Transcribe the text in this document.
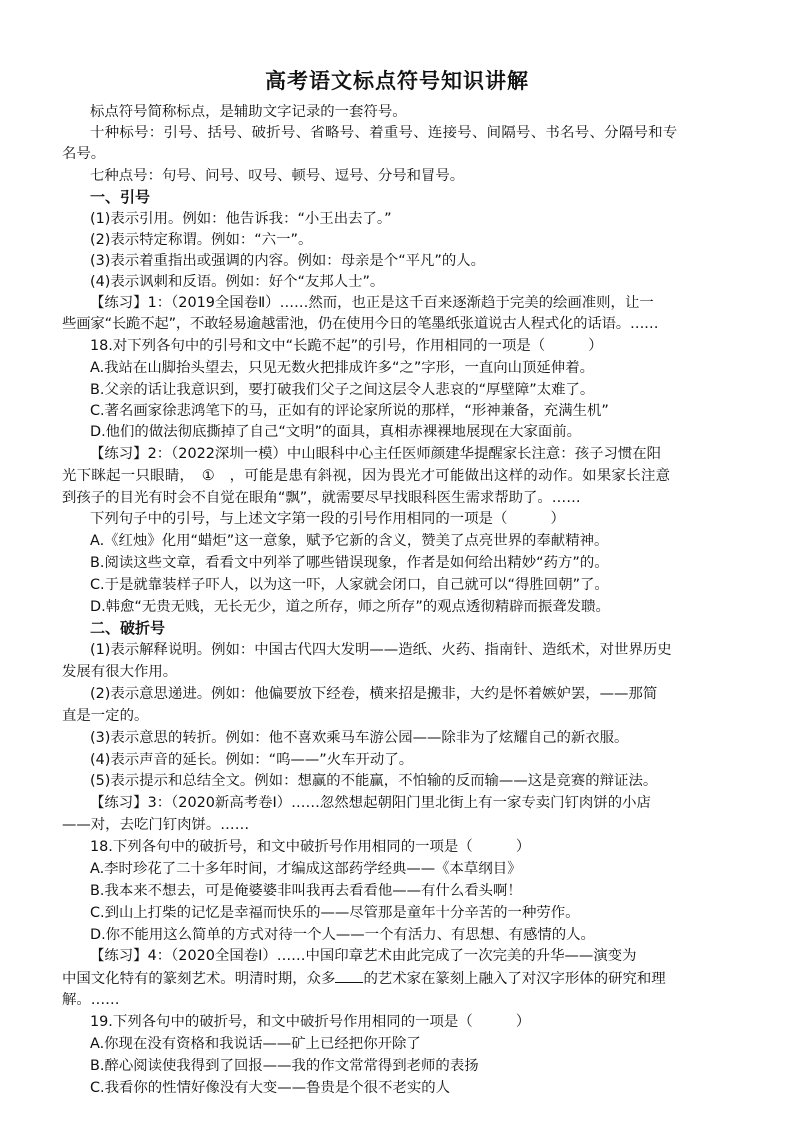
高考语文标点符号知识讲解
标点符号简称标点，是辅助文字记录的一套符号。
十种标号：引号、括号、破折号、省略号、着重号、连接号、间隔号、书名号、分隔号和专
名号。
七种点号：句号、问号、叹号、顿号、逗号、分号和冒号。
一、引号
(1)表示引用。例如：他告诉我：“小王出去了。”
(2)表示特定称谓。例如：“六一”。
(3)表示着重指出或强调的内容。例如：母亲是个“平凡”的人。
(4)表示讽刺和反语。例如：好个“友邦人士”。
【练习】1：（2019全国卷Ⅱ）……然而，也正是这千百来逐渐趋于完美的绘画准则，让一
些画家“长跪不起”，不敢轻易逾越雷池，仍在使用今日的笔墨纸张道说古人程式化的话语。……
18.对下列各句中的引号和文中“长跪不起”的引号，作用相同的一项是（　　　）
A.我站在山脚抬头望去，只见无数火把排成许多“之”字形，一直向山顶延伸着。
B.父亲的话让我意识到，要打破我们父子之间这层令人悲哀的“厚壁障”太难了。
C.著名画家徐悲鸿笔下的马，正如有的评论家所说的那样，“形神兼备，充满生机”
D.他们的做法彻底撕掉了自己“文明”的面具，真相赤裸裸地展现在大家面前。
【练习】2：（2022深圳一模）中山眼科中心主任医师颜建华提醒家长注意：孩子习惯在阳
光下眯起一只眼睛，　①　，可能是患有斜视，因为畏光才可能做出这样的动作。如果家长注意
到孩子的目光有时会不自觉在眼角“飘”，就需要尽早找眼科医生需求帮助了。……
下列句子中的引号，与上述文字第一段的引号作用相同的一项是（　　　）
A.《红烛》化用“蜡炬”这一意象，赋予它新的含义，赞美了点亮世界的奉献精神。
B.阅读这些文章，看看文中列举了哪些错误现象，作者是如何给出精妙“药方”的。
C.于是就靠装样子吓人，以为这一吓，人家就会闭口，自己就可以“得胜回朝”了。
D.韩愈“无贵无贱，无长无少，道之所存，师之所存”的观点透彻精辟而振聋发聩。
二、破折号
(1)表示解释说明。例如：中国古代四大发明——造纸、火药、指南针、造纸术，对世界历史
发展有很大作用。
(2)表示意思递进。例如：他偏要放下经卷，横来招是搬非，大约是怀着嫉妒罢，——那简
直是一定的。
(3)表示意思的转折。例如：他不喜欢乘马车游公园——除非为了炫耀自己的新衣服。
(4)表示声音的延长。例如：“呜——”火车开动了。
(5)表示提示和总结全文。例如：想赢的不能赢，不怕输的反而输——这是竞赛的辩证法。
【练习】3：（2020新高考卷Ⅰ）……忽然想起朝阳门里北街上有一家专卖门钉肉饼的小店
——对，去吃门钉肉饼。……
18.下列各句中的破折号，和文中破折号作用相同的一项是（　　　）
A.李时珍花了二十多年时间，才编成这部药学经典——《本草纲目》
B.我本来不想去，可是俺婆婆非叫我再去看看他——有什么看头啊！
C.到山上打柴的记忆是幸福而快乐的——尽管那是童年十分辛苦的一种劳作。
D.你不能用这么简单的方式对待一个人——一个有活力、有思想、有感情的人。
【练习】4：（2020全国卷Ⅰ）……中国印章艺术由此完成了一次完美的升华——演变为
中国文化特有的篆刻艺术。明清时期，众多 的艺术家在篆刻上融入了对汉字形体的研究和理
解。……
19.下列各句中的破折号，和文中破折号作用相同的一项是（　　　）
A.你现在没有资格和我说话——矿上已经把你开除了
B.醉心阅读使我得到了回报——我的作文常常得到老师的表扬
C.我看你的性情好像没有大变——鲁贵是个很不老实的人
